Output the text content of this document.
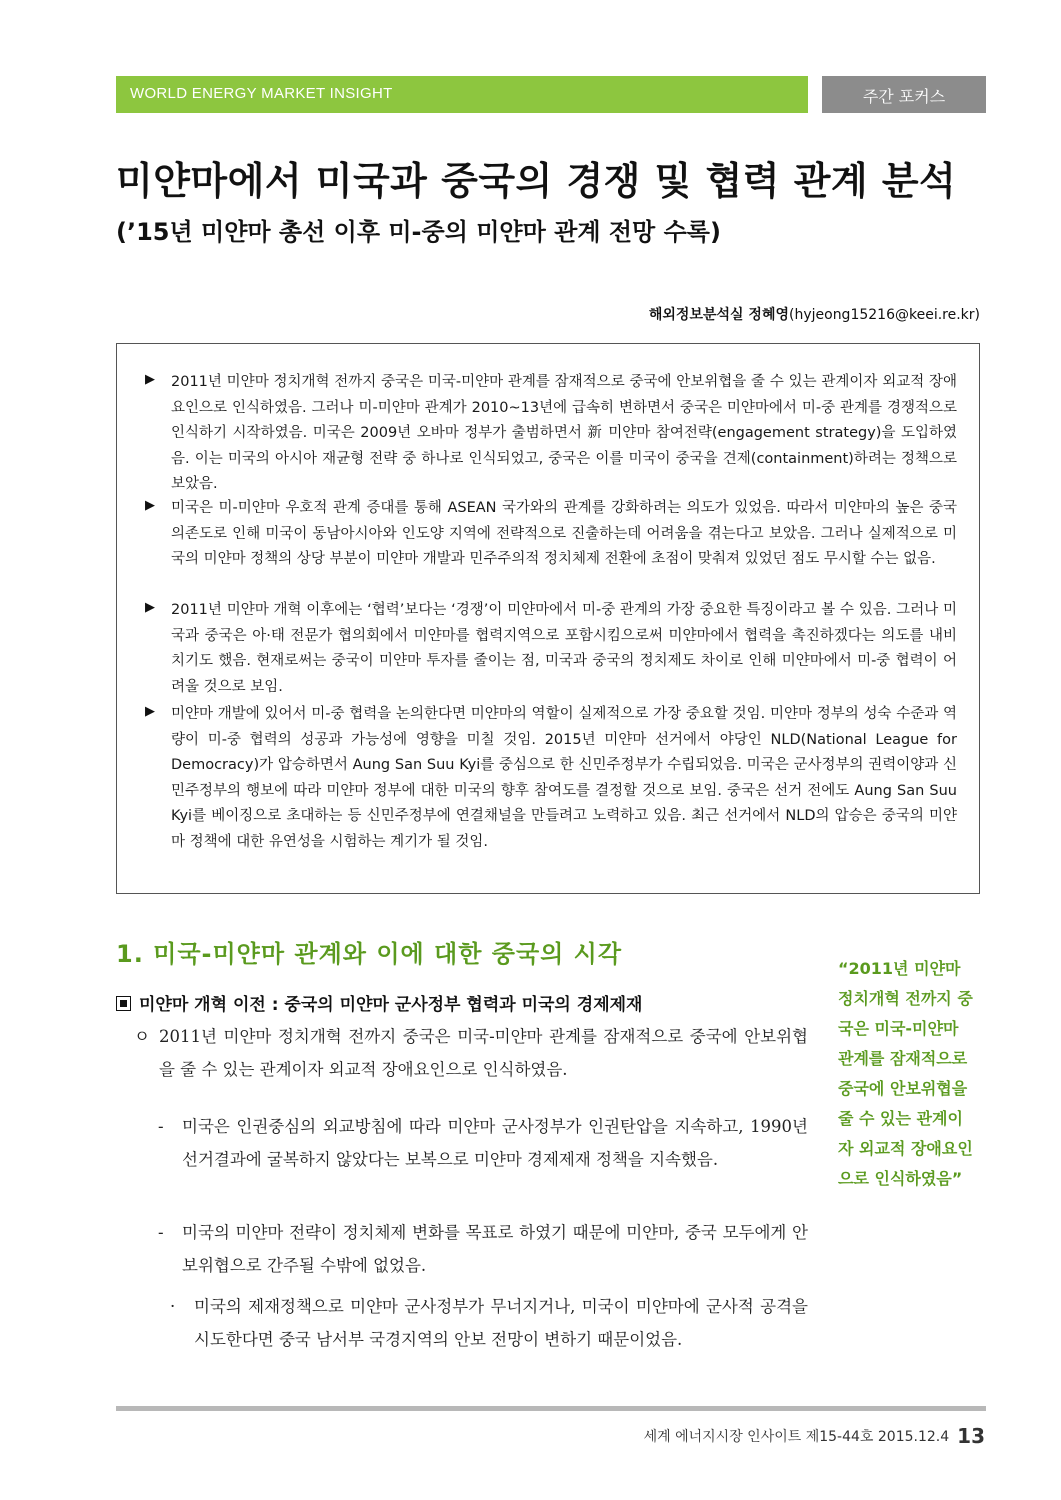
WORLD ENERGY MARKET INSIGHT	주간 포커스
미얀마에서 미국과 중국의 경쟁 및 협력 관계 분석
(’15년 미얀마 총선 이후 미-중의 미얀마 관계 전망 수록)
해외정보분석실 정혜영(hyjeong15216@keei.re.kr)
▶ 2011년 미얀마 정치개혁 전까지 중국은 미국-미얀마 관계를 잠재적으로 중국에 안보위협을 줄 수 있는 관계이자 외교적 장애요인으로 인식하였음. 그러나 미-미얀마 관계가 2010~13년에 급속히 변하면서 중국은 미얀마에서 미-중 관계를 경쟁적으로 인식하기 시작하였음. 미국은 2009년 오바마 정부가 출범하면서 新 미얀마 참여전략(engagement strategy)을 도입하였음. 이는 미국의 아시아 재균형 전략 중 하나로 인식되었고, 중국은 이를 미국이 중국을 견제(containment)하려는 정책으로 보았음.
▶ 미국은 미-미얀마 우호적 관계 증대를 통해 ASEAN 국가와의 관계를 강화하려는 의도가 있었음. 따라서 미얀마의 높은 중국 의존도로 인해 미국이 동남아시아와 인도양 지역에 전략적으로 진출하는데 어려움을 겪는다고 보았음. 그러나 실제적으로 미국의 미얀마 정책의 상당 부분이 미얀마 개발과 민주주의적 정치체제 전환에 초점이 맞춰져 있었던 점도 무시할 수는 없음.
▶ 2011년 미얀마 개혁 이후에는 ‘협력’보다는 ‘경쟁’이 미얀마에서 미-중 관계의 가장 중요한 특징이라고 볼 수 있음. 그러나 미국과 중국은 아·태 전문가 협의회에서 미얀마를 협력지역으로 포함시킴으로써 미얀마에서 협력을 촉진하겠다는 의도를 내비치기도 했음. 현재로써는 중국이 미얀마 투자를 줄이는 점, 미국과 중국의 정치제도 차이로 인해 미얀마에서 미-중 협력이 어려울 것으로 보임.
▶ 미얀마 개발에 있어서 미-중 협력을 논의한다면 미얀마의 역할이 실제적으로 가장 중요할 것임. 미얀마 정부의 성숙 수준과 역량이 미-중 협력의 성공과 가능성에 영향을 미칠 것임. 2015년 미얀마 선거에서 야당인 NLD(National League for Democracy)가 압승하면서 Aung San Suu Kyi를 중심으로 한 신민주정부가 수립되었음. 미국은 군사정부의 권력이양과 신민주정부의 행보에 따라 미얀마 정부에 대한 미국의 향후 참여도를 결정할 것으로 보임. 중국은 선거 전에도 Aung San Suu Kyi를 베이징으로 초대하는 등 신민주정부에 연결채널을 만들려고 노력하고 있음. 최근 선거에서 NLD의 압승은 중국의 미얀마 정책에 대한 유연성을 시험하는 계기가 될 것임.
1. 미국-미얀마 관계와 이에 대한 중국의 시각
미얀마 개혁 이전 : 중국의 미얀마 군사정부 협력과 미국의 경제제재
ㅇ 2011년 미얀마 정치개혁 전까지 중국은 미국-미얀마 관계를 잠재적으로 중국에 안보위협을 줄 수 있는 관계이자 외교적 장애요인으로 인식하였음.
- 미국은 인권중심의 외교방침에 따라 미얀마 군사정부가 인권탄압을 지속하고, 1990년 선거결과에 굴복하지 않았다는 보복으로 미얀마 경제제재 정책을 지속했음.
- 미국의 미얀마 전략이 정치체제 변화를 목표로 하였기 때문에 미얀마, 중국 모두에게 안보위협으로 간주될 수밖에 없었음.
· 미국의 제재정책으로 미얀마 군사정부가 무너지거나, 미국이 미얀마에 군사적 공격을 시도한다면 중국 남서부 국경지역의 안보 전망이 변하기 때문이었음.
“2011년 미얀마 정치개혁 전까지 중국은 미국-미얀마 관계를 잠재적으로 중국에 안보위협을 줄 수 있는 관계이자 외교적 장애요인으로 인식하였음”
세계 에너지시장 인사이트 제15-44호 2015.12.4 13
